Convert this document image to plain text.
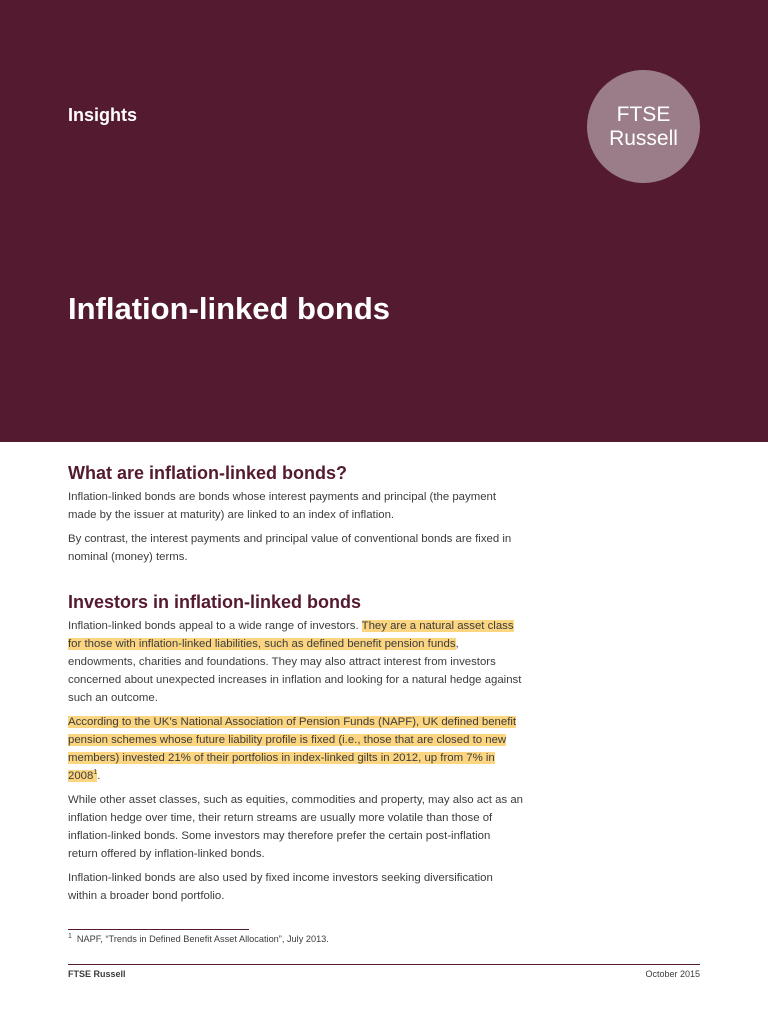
Insights	FTSE
Russell
Inflation-linked bonds
What are inflation-linked bonds?

Inflation-linked bonds are bonds whose interest payments and principal (the payment made by the issuer at maturity) are linked to an index of inflation.

By contrast, the interest payments and principal value of conventional bonds are fixed in nominal (money) terms.

Investors in inflation-linked bonds

Inflation-linked bonds appeal to a wide range of investors. They are a natural asset class for those with inflation-linked liabilities, such as defined benefit pension funds, endowments, charities and foundations. They may also attract interest from investors concerned about unexpected increases in inflation and looking for a natural hedge against such an outcome.

According to the UK’s National Association of Pension Funds (NAPF), UK defined benefit pension schemes whose future liability profile is fixed (i.e., those that are closed to new members) invested 21% of their portfolios in index-linked gilts in 2012, up from 7% in 2008$^1$.

While other asset classes, such as equities, commodities and property, may also act as an inflation hedge over time, their return streams are usually more volatile than those of inflation-linked bonds. Some investors may therefore prefer the certain post-inflation return offered by inflation-linked bonds.

Inflation-linked bonds are also used by fixed income investors seeking diversification within a broader bond portfolio.

$^1$ NAPF, “Trends in Defined Benefit Asset Allocation”, July 2013.
FTSE Russell	October 2015
